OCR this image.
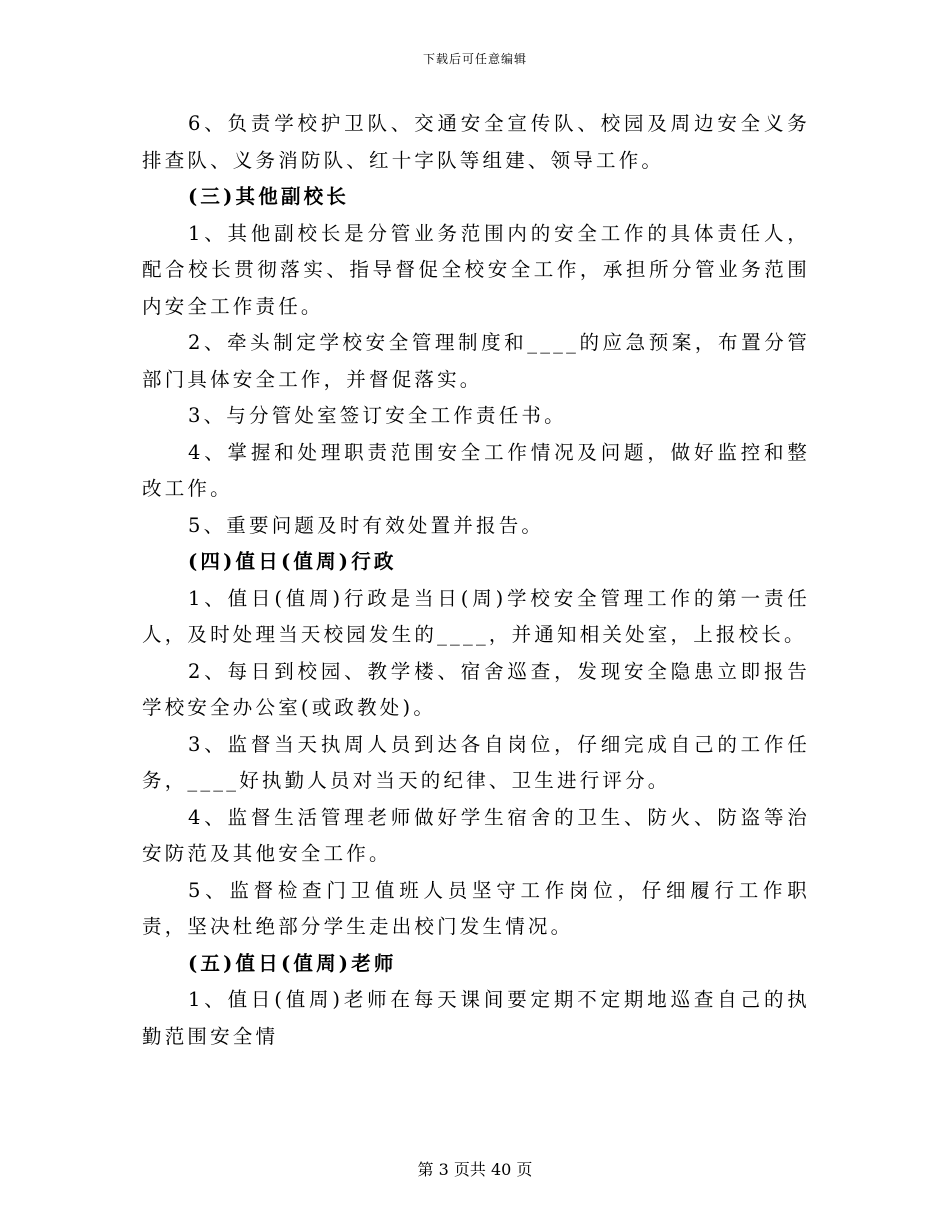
下载后可任意编辑

6、负责学校护卫队、交通安全宣传队、校园及周边安全义务排查队、义务消防队、红十字队等组建、领导工作。

(三)其他副校长

1、其他副校长是分管业务范围内的安全工作的具体责任人，配合校长贯彻落实、指导督促全校安全工作，承担所分管业务范围内安全工作责任。

2、牵头制定学校安全管理制度和____的应急预案，布置分管部门具体安全工作，并督促落实。

3、与分管处室签订安全工作责任书。

4、掌握和处理职责范围安全工作情况及问题，做好监控和整改工作。

5、重要问题及时有效处置并报告。

(四)值日(值周)行政

1、值日(值周)行政是当日(周)学校安全管理工作的第一责任人，及时处理当天校园发生的____，并通知相关处室，上报校长。

2、每日到校园、教学楼、宿舍巡查，发现安全隐患立即报告学校安全办公室(或政教处)。

3、监督当天执周人员到达各自岗位，仔细完成自己的工作任务，____好执勤人员对当天的纪律、卫生进行评分。

4、监督生活管理老师做好学生宿舍的卫生、防火、防盗等治安防范及其他安全工作。

5、监督检查门卫值班人员坚守工作岗位，仔细履行工作职责，坚决杜绝部分学生走出校门发生情况。

(五)值日(值周)老师

1、值日(值周)老师在每天课间要定期不定期地巡查自己的执勤范围安全情

第 3 页共 40 页
